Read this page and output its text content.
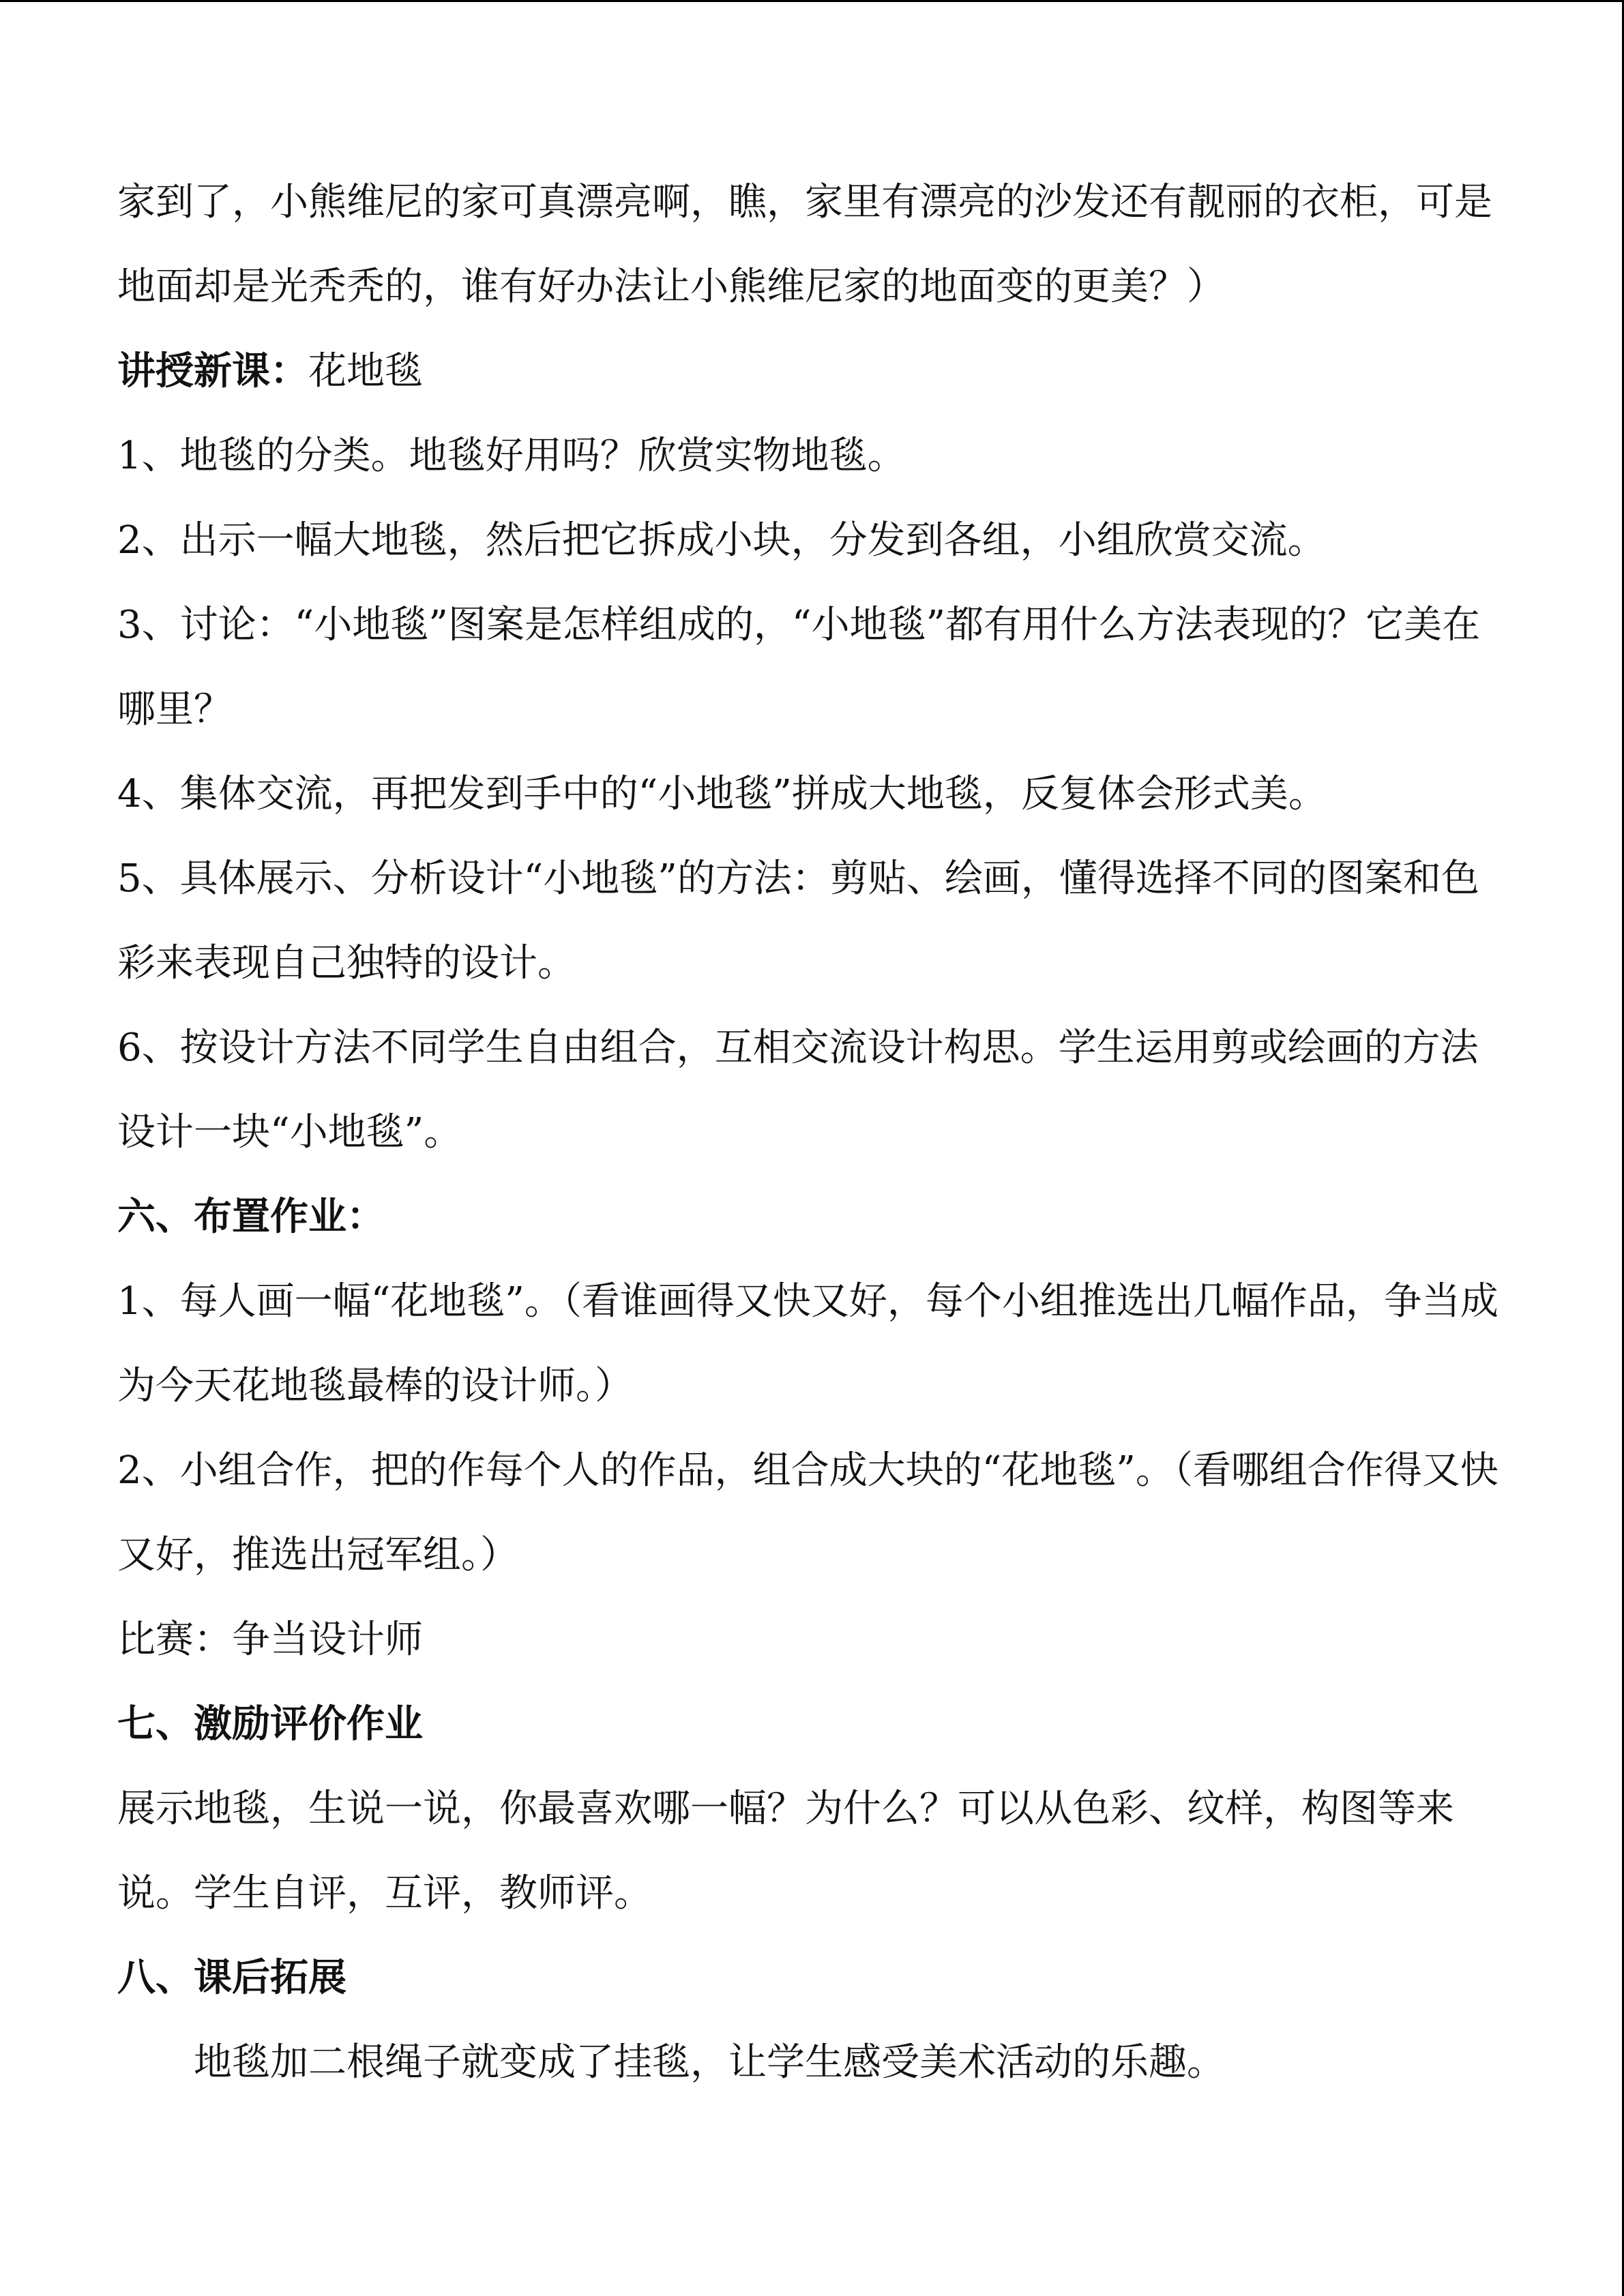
家到了，小熊维尼的家可真漂亮啊，瞧，家里有漂亮的沙发还有靓丽的衣柜，可是

地面却是光秃秃的，谁有好办法让小熊维尼家的地面变的更美？）

讲授新课：花地毯

1、地毯的分类。地毯好用吗？欣赏实物地毯。

2、出示一幅大地毯，然后把它拆成小块，分发到各组，小组欣赏交流。

3、讨论：“小地毯”图案是怎样组成的，“小地毯”都有用什么方法表现的？它美在哪里？

4、集体交流，再把发到手中的“小地毯”拼成大地毯，反复体会形式美。

5、具体展示、分析设计“小地毯”的方法：剪贴、绘画，懂得选择不同的图案和色彩来表现自己独特的设计。

6、按设计方法不同学生自由组合，互相交流设计构思。学生运用剪或绘画的方法设计一块“小地毯”。

六、布置作业：

1、每人画一幅“花地毯”。（看谁画得又快又好，每个小组推选出几幅作品，争当成为今天花地毯最棒的设计师。）

2、小组合作，把的作每个人的作品，组合成大块的“花地毯”。（看哪组合作得又快又好，推选出冠军组。）

比赛：争当设计师

七、激励评价作业

展示地毯，生说一说，你最喜欢哪一幅？为什么？可以从色彩、纹样，构图等来说。学生自评，互评，教师评。

八、课后拓展

地毯加二根绳子就变成了挂毯，让学生感受美术活动的乐趣。
